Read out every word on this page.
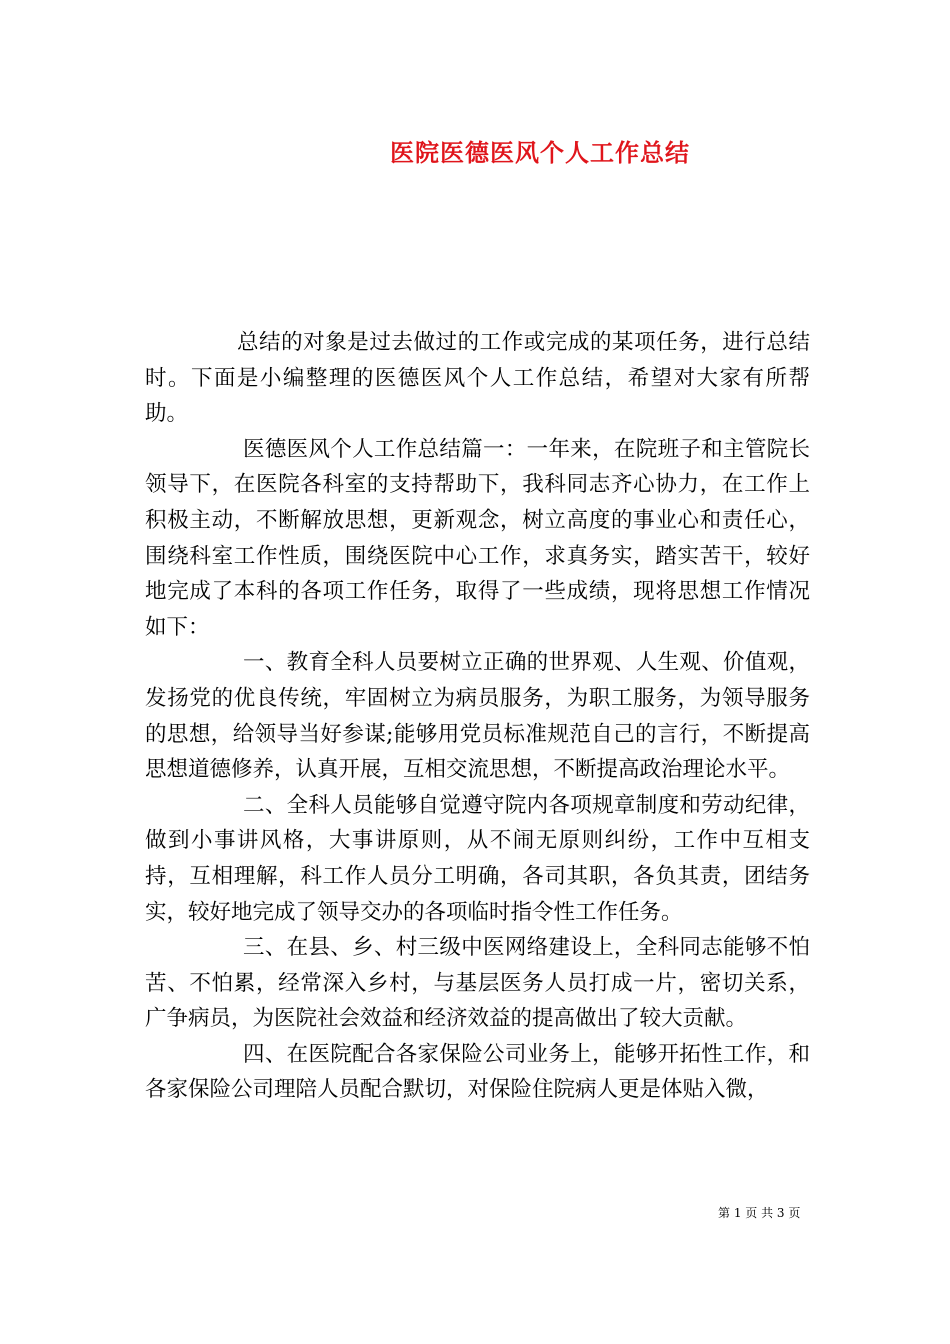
医院医德医风个人工作总结

总结的对象是过去做过的工作或完成的某项任务，进行总结时。下面是小编整理的医德医风个人工作总结，希望对大家有所帮助。

医德医风个人工作总结篇一：一年来，在院班子和主管院长领导下，在医院各科室的支持帮助下，我科同志齐心协力，在工作上积极主动，不断解放思想，更新观念，树立高度的事业心和责任心，围绕科室工作性质，围绕医院中心工作，求真务实，踏实苦干，较好地完成了本科的各项工作任务，取得了一些成绩，现将思想工作情况如下：

一、教育全科人员要树立正确的世界观、人生观、价值观，发扬党的优良传统，牢固树立为病员服务，为职工服务，为领导服务的思想，给领导当好参谋;能够用党员标准规范自己的言行，不断提高思想道德修养，认真开展，互相交流思想，不断提高政治理论水平。

二、全科人员能够自觉遵守院内各项规章制度和劳动纪律，做到小事讲风格，大事讲原则，从不闹无原则纠纷，工作中互相支持，互相理解，科工作人员分工明确，各司其职，各负其责，团结务实，较好地完成了领导交办的各项临时指令性工作任务。

三、在县、乡、村三级中医网络建设上，全科同志能够不怕苦、不怕累，经常深入乡村，与基层医务人员打成一片，密切关系，广争病员，为医院社会效益和经济效益的提高做出了较大贡献。

四、在医院配合各家保险公司业务上，能够开拓性工作，和各家保险公司理陪人员配合默切，对保险住院病人更是体贴入微，

第 1 页 共 3 页
